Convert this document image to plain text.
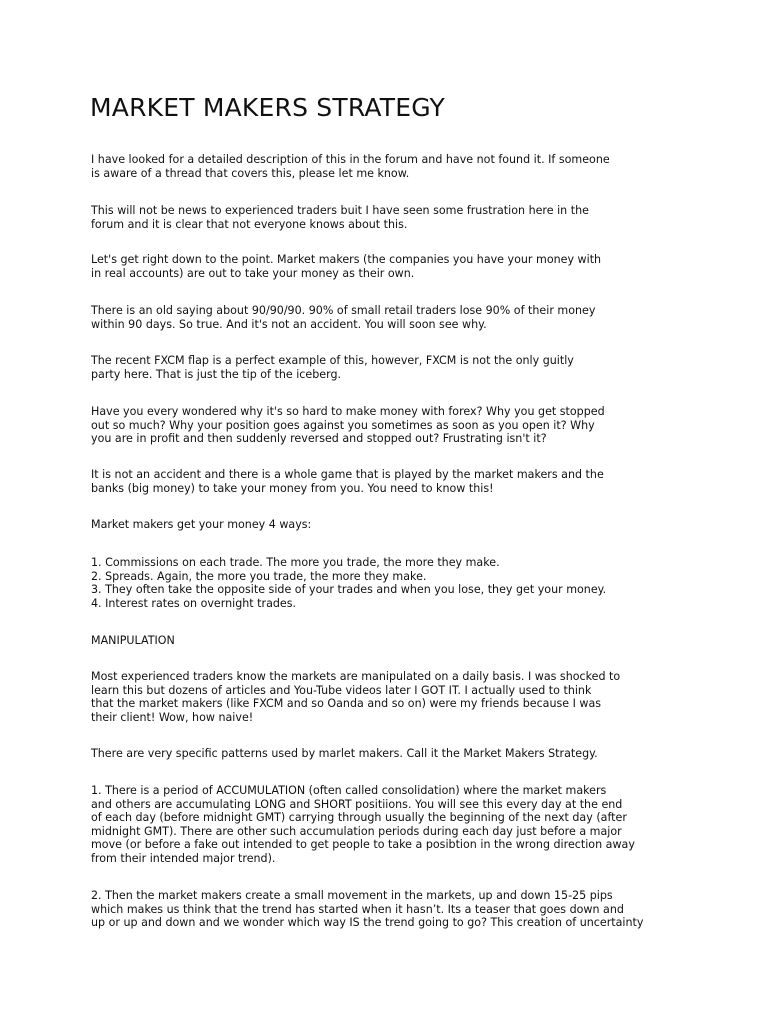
MARKET MAKERS STRATEGY
I have looked for a detailed description of this in the forum and have not found it. If someone
is aware of a thread that covers this, please let me know.
This will not be news to experienced traders buit I have seen some frustration here in the
forum and it is clear that not everyone knows about this.
Let's get right down to the point. Market makers (the companies you have your money with
in real accounts) are out to take your money as their own.
There is an old saying about 90/90/90. 90% of small retail traders lose 90% of their money
within 90 days. So true. And it's not an accident. You will soon see why.
The recent FXCM flap is a perfect example of this, however, FXCM is not the only guitly
party here. That is just the tip of the iceberg.
Have you every wondered why it's so hard to make money with forex? Why you get stopped
out so much? Why your position goes against you sometimes as soon as you open it? Why
you are in profit and then suddenly reversed and stopped out? Frustrating isn't it?
It is not an accident and there is a whole game that is played by the market makers and the
banks (big money) to take your money from you. You need to know this!
Market makers get your money 4 ways:
1. Commissions on each trade. The more you trade, the more they make.
2. Spreads. Again, the more you trade, the more they make.
3. They often take the opposite side of your trades and when you lose, they get your money.
4. Interest rates on overnight trades.
MANIPULATION
Most experienced traders know the markets are manipulated on a daily basis. I was shocked to
learn this but dozens of articles and You-Tube videos later I GOT IT. I actually used to think
that the market makers (like FXCM and so Oanda and so on) were my friends because I was
their client! Wow, how naive!
There are very specific patterns used by marlet makers. Call it the Market Makers Strategy.
1. There is a period of ACCUMULATION (often called consolidation) where the market makers
and others are accumulating LONG and SHORT positiions. You will see this every day at the end
of each day (before midnight GMT) carrying through usually the beginning of the next day (after
midnight GMT). There are other such accumulation periods during each day just before a major
move (or before a fake out intended to get people to take a posibtion in the wrong direction away
from their intended major trend).
2. Then the market makers create a small movement in the markets, up and down 15-25 pips
which makes us think that the trend has started when it hasn’t. Its a teaser that goes down and
up or up and down and we wonder which way IS the trend going to go? This creation of uncertainty
